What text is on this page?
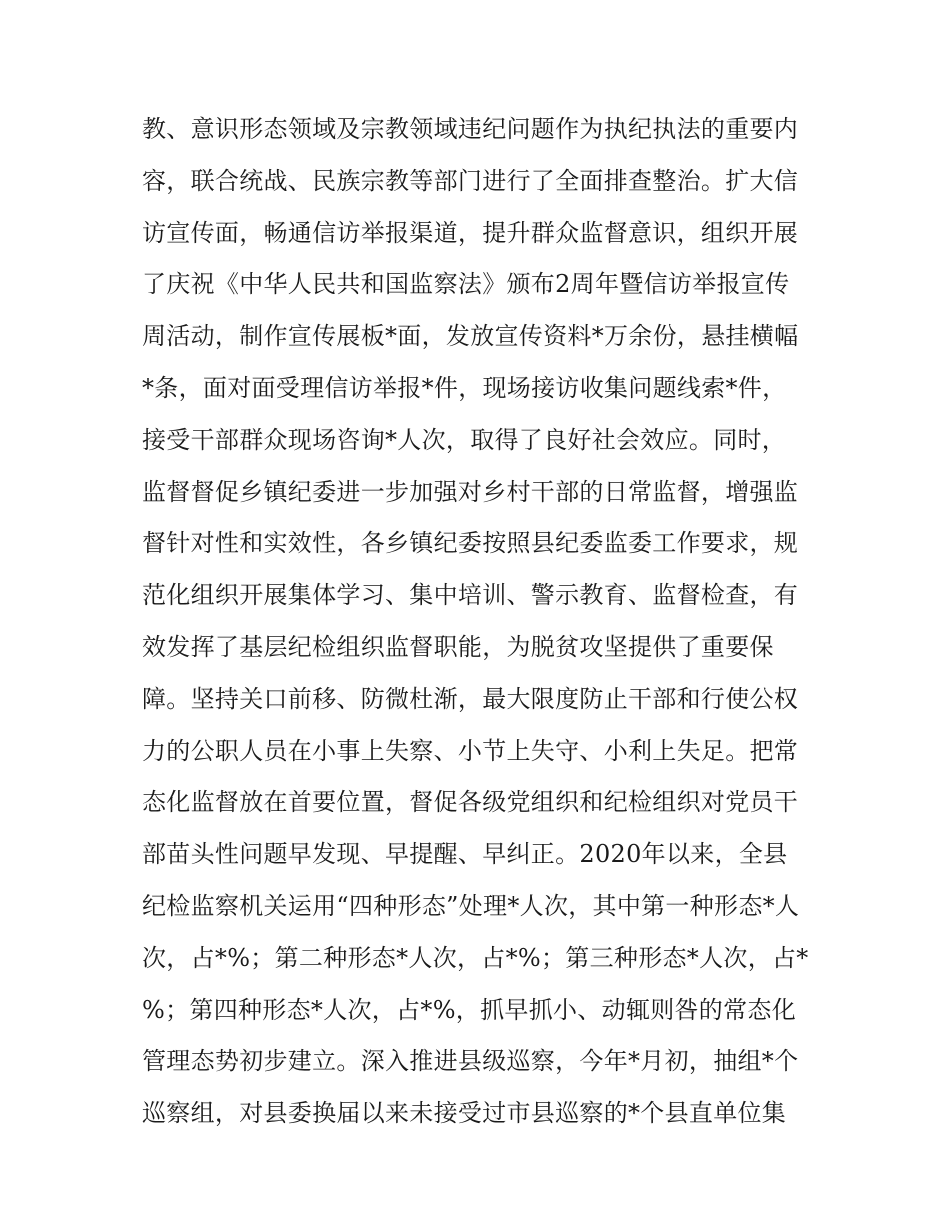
教、意识形态领域及宗教领域违纪问题作为执纪执法的重要内
容，联合统战、民族宗教等部门进行了全面排查整治。扩大信
访宣传面，畅通信访举报渠道，提升群众监督意识，组织开展
了庆祝《中华人民共和国监察法》颁布2周年暨信访举报宣传
周活动，制作宣传展板*面，发放宣传资料*万余份，悬挂横幅
*条，面对面受理信访举报*件，现场接访收集问题线索*件，
接受干部群众现场咨询*人次，取得了良好社会效应。同时，
监督督促乡镇纪委进一步加强对乡村干部的日常监督，增强监
督针对性和实效性，各乡镇纪委按照县纪委监委工作要求，规
范化组织开展集体学习、集中培训、警示教育、监督检查，有
效发挥了基层纪检组织监督职能，为脱贫攻坚提供了重要保
障。坚持关口前移、防微杜渐，最大限度防止干部和行使公权
力的公职人员在小事上失察、小节上失守、小利上失足。把常
态化监督放在首要位置，督促各级党组织和纪检组织对党员干
部苗头性问题早发现、早提醒、早纠正。2020年以来，全县
纪检监察机关运用“四种形态”处理*人次，其中第一种形态*人
次，占*%；第二种形态*人次，占*%；第三种形态*人次，占*
%；第四种形态*人次，占*%，抓早抓小、动辄则咎的常态化
管理态势初步建立。深入推进县级巡察，今年*月初，抽组*个
巡察组，对县委换届以来未接受过市县巡察的*个县直单位集
